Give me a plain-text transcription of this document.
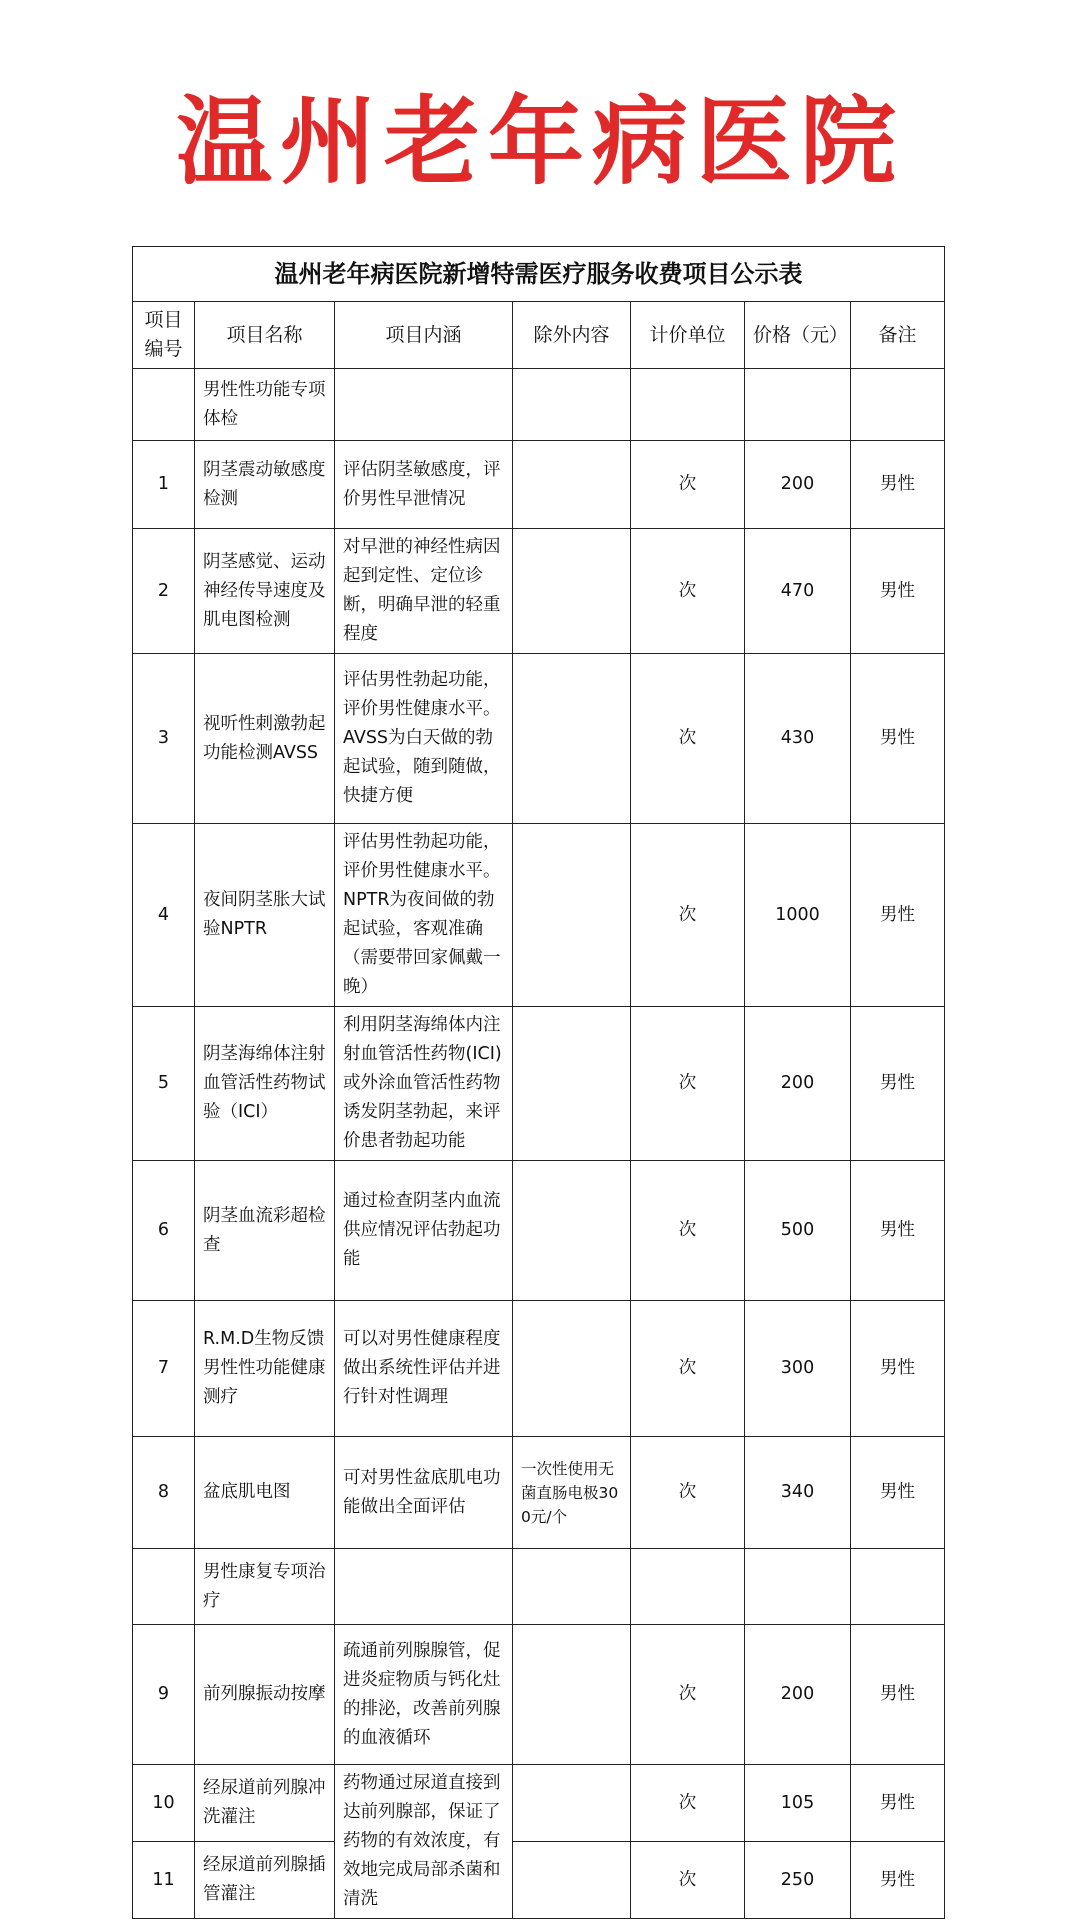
温州老年病医院
温州老年病医院新增特需医疗服务收费项目公示表
项目编号	项目名称	项目内涵	除外内容	计价单位	价格（元）	备注
	男性性功能专项体检					
1	阴茎震动敏感度检测	评估阴茎敏感度，评价男性早泄情况		次	200	男性
2	阴茎感觉、运动神经传导速度及肌电图检测	对早泄的神经性病因起到定性、定位诊断，明确早泄的轻重程度		次	470	男性
3	视听性刺激勃起功能检测AVSS	评估男性勃起功能，评价男性健康水平。AVSS为白天做的勃起试验，随到随做，快捷方便		次	430	男性
4	夜间阴茎胀大试验NPTR	评估男性勃起功能，评价男性健康水平。NPTR为夜间做的勃起试验，客观准确（需要带回家佩戴一晚）		次	1000	男性
5	阴茎海绵体注射血管活性药物试验（ICI）	利用阴茎海绵体内注射血管活性药物(ICI)或外涂血管活性药物诱发阴茎勃起，来评价患者勃起功能		次	200	男性
6	阴茎血流彩超检查	通过检查阴茎内血流供应情况评估勃起功能		次	500	男性
7	R.M.D生物反馈男性性功能健康测疗	可以对男性健康程度做出系统性评估并进行针对性调理		次	300	男性
8	盆底肌电图	可对男性盆底肌电功能做出全面评估	一次性使用无菌直肠电极300元/个	次	340	男性
	男性康复专项治疗					
9	前列腺振动按摩	疏通前列腺腺管，促进炎症物质与钙化灶的排泌，改善前列腺的血液循环		次	200	男性
10	经尿道前列腺冲洗灌注	药物通过尿道直接到达前列腺部，保证了药物的有效浓度，有效地完成局部杀菌和清洗		次	105	男性
11	经尿道前列腺插管灌注			次	250	男性
